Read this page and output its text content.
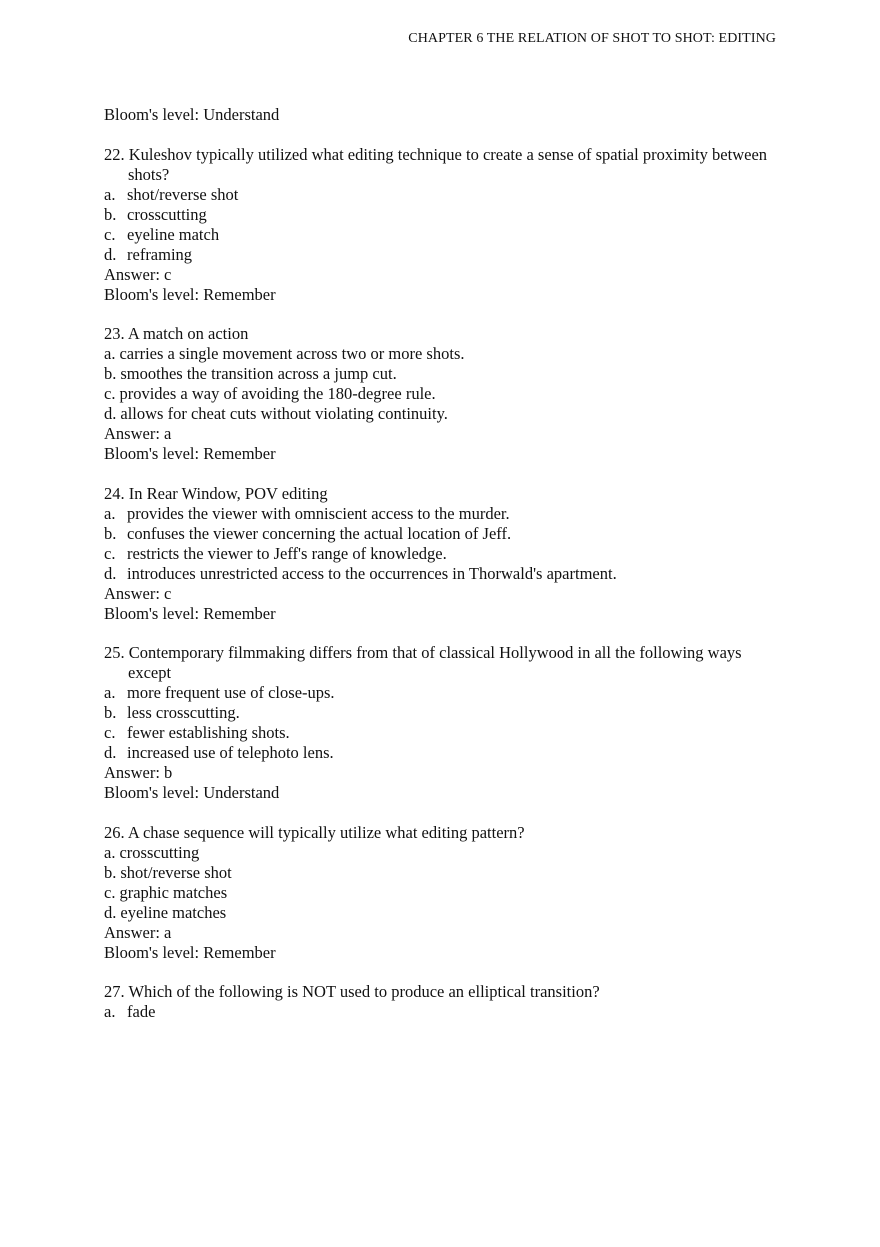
CHAPTER 6 THE RELATION OF SHOT TO SHOT: EDITING
Bloom's level: Understand
22. Kuleshov typically utilized what editing technique to create a sense of spatial proximity between shots?
a. shot/reverse shot
b. crosscutting
c. eyeline match
d. reframing
Answer: c
Bloom's level: Remember
23. A match on action
a. carries a single movement across two or more shots.
b. smoothes the transition across a jump cut.
c. provides a way of avoiding the 180-degree rule.
d. allows for cheat cuts without violating continuity.
Answer: a
Bloom's level: Remember
24. In Rear Window, POV editing
a. provides the viewer with omniscient access to the murder.
b. confuses the viewer concerning the actual location of Jeff.
c. restricts the viewer to Jeff's range of knowledge.
d. introduces unrestricted access to the occurrences in Thorwald's apartment.
Answer: c
Bloom's level: Remember
25. Contemporary filmmaking differs from that of classical Hollywood in all the following ways except
a. more frequent use of close-ups.
b. less crosscutting.
c. fewer establishing shots.
d. increased use of telephoto lens.
Answer: b
Bloom's level: Understand
26. A chase sequence will typically utilize what editing pattern?
a. crosscutting
b. shot/reverse shot
c. graphic matches
d. eyeline matches
Answer: a
Bloom's level: Remember
27. Which of the following is NOT used to produce an elliptical transition?
a. fade
